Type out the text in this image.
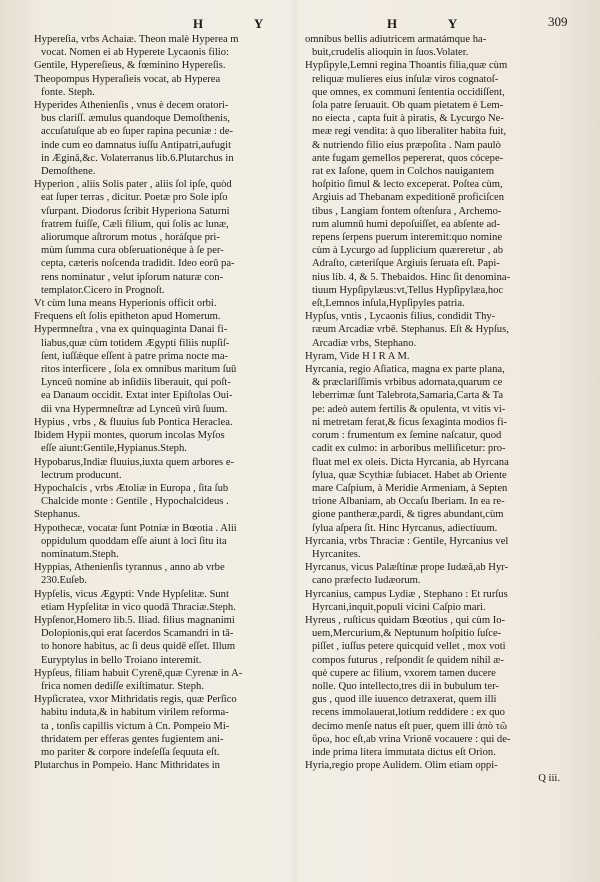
H Y	H Y	309
Hypereſia, vrbs Achaiæ. Theon malè Hyperea m
vocat. Nomen ei ab Hyperete Lycaonis filio:
Gentile, Hypereſieus, & fœminino Hypereſis.
Theopompus Hyperaſieis vocat, ab Hyperea
fonte. Steph.
Hyperides Athenienſis , vnus è decem oratori-
bus clariſſ. æmulus quandoque Demoſthenis,
accuſatuſque ab eo ſuper rapina pecuniæ : de-
inde cum eo damnatus iuſſu Antipatri,aufugit
in Æginā,&c. Volaterranus lib.6.Plutarchus in
Demoſthene.
Hyperion , aliis Solis pater , aliis ſol ipſe, quòd
eat ſuper terras , dicitur. Poetæ pro Sole ipſo
vſurpant. Diodorus ſcribit Hyperiona Saturni
fratrem fuiſſe, Cæli filium, qui ſolis ac lunæ,
aliorumque aſtrorum motus , horáſque pri-
mùm ſumma cura obſeruationéque à ſe per-
cepta, cæteris noſcenda tradidit. Ideo eorū pa-
rens nominatur , velut ipſorum naturæ con-
templator.Cicero in Prognoſt.
Vt cùm luna means Hyperionis officit orbi.
Frequens eſt ſolis epitheton apud Homerum.
Hypermneſtra , vna ex quinquaginta Danai fi-
liabus,quæ cùm totidem Ægypti filiis nupſiſ-
ſent, iuſſǽque eſſent à patre prima nocte ma-
ritos interficere , ſola ex omnibus maritum ſuū
Lynceū nomine ab inſidiis liberauit, qui poſt-
ea Danaum occidit. Extat inter Epiſtolas Oui-
dii vna Hypermneſtræ ad Lynceū virū ſuum.
Hypius , vrbs , & fluuius ſub Pontica Heraclea.
Ibidem Hypii montes, quorum incolas Myſos
eſſe aiunt:Gentile,Hypianus.Steph.
Hypobarus,Indiæ fluuius,iuxta quem arbores e-
lectrum producunt.
Hypochalcis , vrbs Ætoliæ in Europa , ſita ſub
Chalcide monte : Gentile , Hypochalcideus .
Stephanus.
Hypothecæ, vocatæ ſunt Potniæ in Bœotia . Alii
oppidulum quoddam eſſe aiunt à loci ſitu ita
nominatum.Steph.
Hyppias, Athenienſis tyrannus , anno ab vrbe
230.Euſeb.
Hypſelis, vicus Ægypti: Vnde Hypſelitæ. Sunt
etiam Hypſelitæ in vico quodā Thraciæ.Steph.
Hypſenor,Homero lib.5. Iliad. filius magnanimi
Dolopionis,qui erat ſacerdos Scamandri in tā-
to honore habitus, ac ſi deus quidē eſſet. Illum
Euryptylus in bello Troiano interemit.
Hypſeus, filiam habuit Cyrenē,quæ Cyrenæ in A-
frica nomen dediſſe exiſtimatur. Steph.
Hypſicratea, vxor Mithridatis regis, quæ Perſico
habitu induta,& in habitum virilem reforma-
ta , tonſis capillis victum à Cn. Pompeio Mi-
thridatem per efferas gentes fugientem ani-
mo pariter & corpore indeſeſſa ſequuta eſt.
Plutarchus in Pompeio. Hanc Mithridates in
omnibus bellis adiutricem armatámque ha-
buit,crudelis alioquin in ſuos.Volater.
Hypſipyle,Lemni regina Thoantis filia,quæ cùm
reliquæ mulieres eius inſulæ viros cognatoſ-
que omnes, ex communi ſententia occidiſſent,
ſola patre ſeruauit. Ob quam pietatem è Lem-
no eiecta , capta fuit à piratis, & Lycurgo Ne-
meæ regi vendita: à quo liberaliter habita fuit,
& nutriendo filio eius præpoſita . Nam paulò
ante fugam gemellos pepererat, quos cócepe-
rat ex Iaſone, quem in Colchos nauigantem
hoſpitio ſimul & lecto exceperat. Poſtea cùm,
Argiuis ad Thebanam expeditionē proficiſcen
tibus , Langiam fontem oſtenſura , Archemo-
rum alumnū humi depoſuiſſet, ea abſente ad-
repens ſerpens puerum interemit:quo nomine
cùm à Lycurgo ad ſupplicium quæreretur , ab
Adraſto, cæteriſque Argiuis ſeruata eſt. Papi-
nius lib. 4, & 5. Thebaidos. Hinc ſit denomina-
tiuum Hypſipylæus:vt,Tellus Hypſipylæa,hoc
eſt,Lemnos inſula,Hypſipyles patria.
Hypſus, vntis , Lycaonis filius, condidit Thy-
ræum Arcadiæ vrbē. Stephanus. Eſt & Hypſus,
Arcadiæ vrbs, Stephano.
Hyram, Vide H I R A M.
Hyrcania, regio Aſiatica, magna ex parte plana,
& præclariſſimis vrbibus adornata,quarum ce
leberrimæ ſunt Talebrota,Samaria,Carta & Ta
pe: adeò autem fertilis & opulenta, vt vitis vi-
ni metretam ferat,& ficus ſexaginta modios fi-
corum : frumentum ex ſemine naſcatur, quod
cadit ex culmo: in arboribus melliſicetur: pro-
fluat mel ex oleis. Dicta Hyrcania, ab Hyrcana
ſylua, quæ Scythiæ ſubiacet. Habet ab Oriente
mare Caſpium, à Meridie Armeniam, à Septen
trione Albaniam, ab Occaſu Iberiam. In ea re-
gione pantheræ,pardi, & tigres abundant,cùm
ſylua aſpera ſit. Hinc Hyrcanus, adiectiuum.
Hyrcania, vrbs Thraciæ : Gentile, Hyrcanius vel
Hyrcanites.
Hyrcanus, vicus Palæſtinæ prope Iudæā,ab Hyr-
cano præfecto Iudæorum.
Hyrcanius, campus Lydiæ , Stephano : Et rurſus
Hyrcani,inquit,populi vicini Caſpio mari.
Hyreus , ruſticus quidam Bœotius , qui cùm Io-
uem,Mercurium,& Neptunum hoſpitio ſuſce-
piſſet , iuſſus petere quicquid vellet , mox voti
compos futurus , reſpondit ſe quidem nihil æ-
què cupere ac filium, vxorem tamen ducere
nolle. Quo intellecto,tres dii in bubulum ter-
gus , quod ille iuuenco detraxerat, quem illi
recens immolauerat,lotium reddidere : ex quo
decimo menſe natus eſt puer, quem illi ἀπὸ τῶ
ὕρω, hoc eſt,ab vrina Vrionē vocauere : qui de-
inde prima litera immutata dictus eſt Orion.
Hyria,regio prope Aulidem. Olim etiam oppi-
Q iii.
